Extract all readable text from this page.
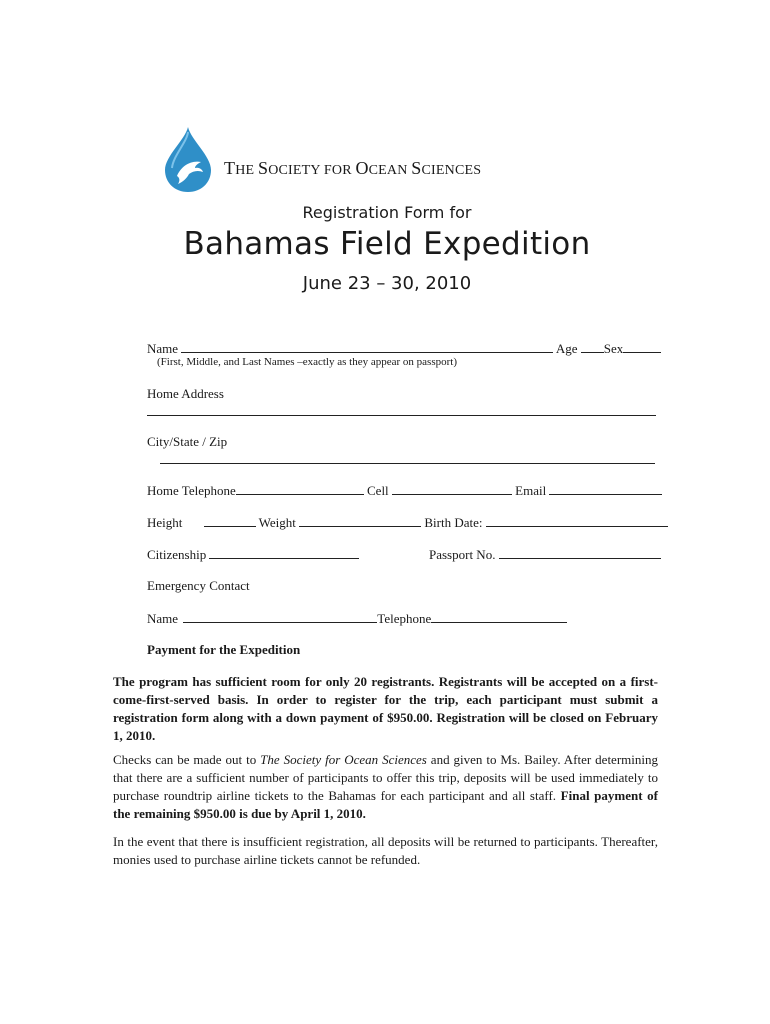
THE SOCIETY FOR OCEAN SCIENCES
Registration Form for
Bahamas Field Expedition
June 23 – 30, 2010
Name	Age Sex
(First, Middle, and Last Names –exactly as they appear on passport)
Home Address
City/State / Zip
Home Telephone	Cell	Email
Height	Weight	Birth Date:
Citizenship	Passport No.
Emergency Contact
Name	Telephone
Payment for the Expedition
The program has sufficient room for only 20 registrants. Registrants will be accepted on a first-come-first-served basis. In order to register for the trip, each participant must submit a registration form along with a down payment of $950.00. Registration will be closed on February 1, 2010.
Checks can be made out to The Society for Ocean Sciences and given to Ms. Bailey. After determining that there are a sufficient number of participants to offer this trip, deposits will be used immediately to purchase roundtrip airline tickets to the Bahamas for each participant and all staff. Final payment of the remaining $950.00 is due by April 1, 2010.
In the event that there is insufficient registration, all deposits will be returned to participants. Thereafter, monies used to purchase airline tickets cannot be refunded.
